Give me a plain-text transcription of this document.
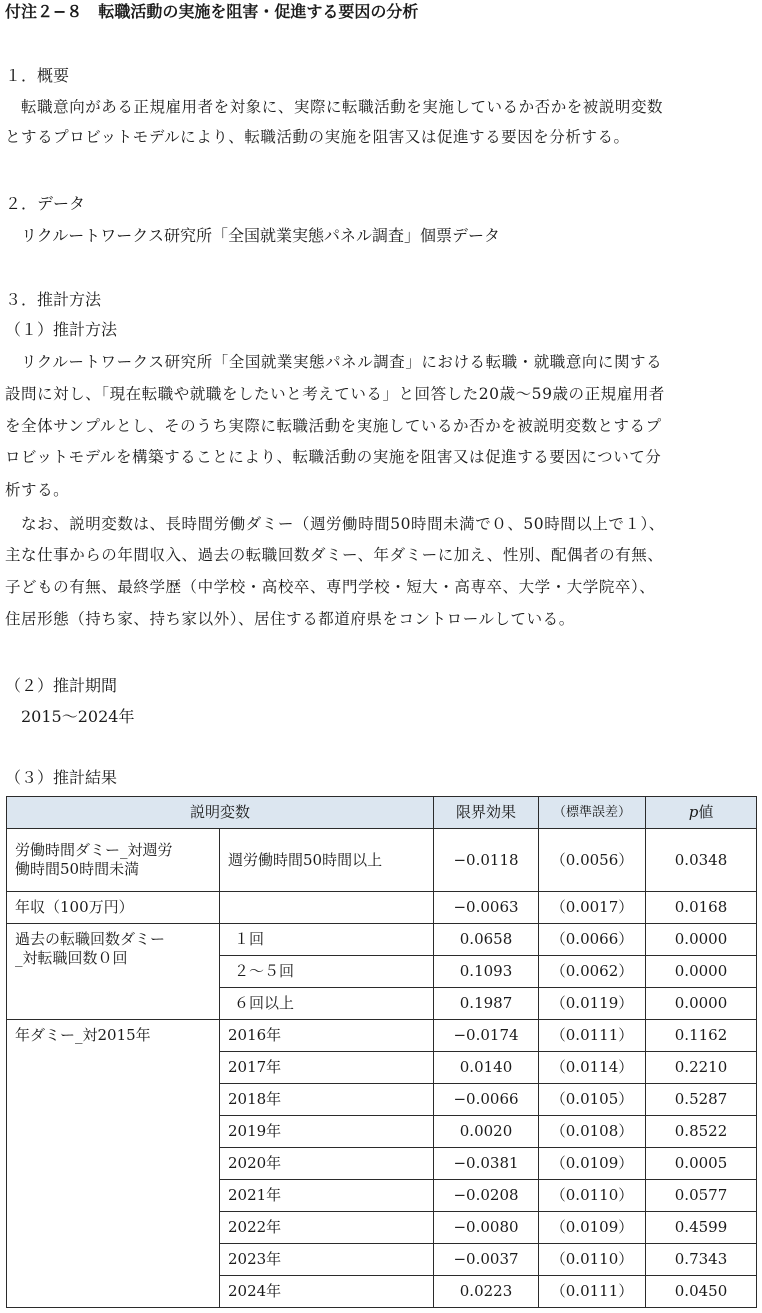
付注２−８　転職活動の実施を阻害・促進する要因の分析
１．概要
　転職意向がある正規雇用者を対象に、実際に転職活動を実施しているか否かを被説明変数
とするプロビットモデルにより、転職活動の実施を阻害又は促進する要因を分析する。
２．データ
　リクルートワークス研究所「全国就業実態パネル調査」個票データ
３．推計方法
（１）推計方法
　リクルートワークス研究所「全国就業実態パネル調査」における転職・就職意向に関する
設問に対し、「現在転職や就職をしたいと考えている」と回答した20歳〜59歳の正規雇用者
を全体サンプルとし、そのうち実際に転職活動を実施しているか否かを被説明変数とするプ
ロビットモデルを構築することにより、転職活動の実施を阻害又は促進する要因について分
析する。
　なお、説明変数は、長時間労働ダミー（週労働時間50時間未満で０、50時間以上で１）、
主な仕事からの年間収入、過去の転職回数ダミー、年ダミーに加え、性別、配偶者の有無、
子どもの有無、最終学歴（中学校・高校卒、専門学校・短大・高専卒、大学・大学院卒）、
住居形態（持ち家、持ち家以外）、居住する都道府県をコントロールしている。
（２）推計期間
　2015〜2024年
（３）推計結果
説明変数		限界効果	（標準誤差）	p値
労働時間ダミー_対週労
働時間50時間未満	週労働時間50時間以上	−0.0118	（0.0056）	0.0348
年収（100万円）		−0.0063	（0.0017）	0.0168
過去の転職回数ダミー
_対転職回数０回	１回	0.0658	（0.0066）	0.0000
	２〜５回	0.1093	（0.0062）	0.0000
	６回以上	0.1987	（0.0119）	0.0000
年ダミー_対2015年	2016年	−0.0174	（0.0111）	0.1162
	2017年	0.0140	（0.0114）	0.2210
	2018年	−0.0066	（0.0105）	0.5287
	2019年	0.0020	（0.0108）	0.8522
	2020年	−0.0381	（0.0109）	0.0005
	2021年	−0.0208	（0.0110）	0.0577
	2022年	−0.0080	（0.0109）	0.4599
	2023年	−0.0037	（0.0110）	0.7343
	2024年	0.0223	（0.0111）	0.0450
